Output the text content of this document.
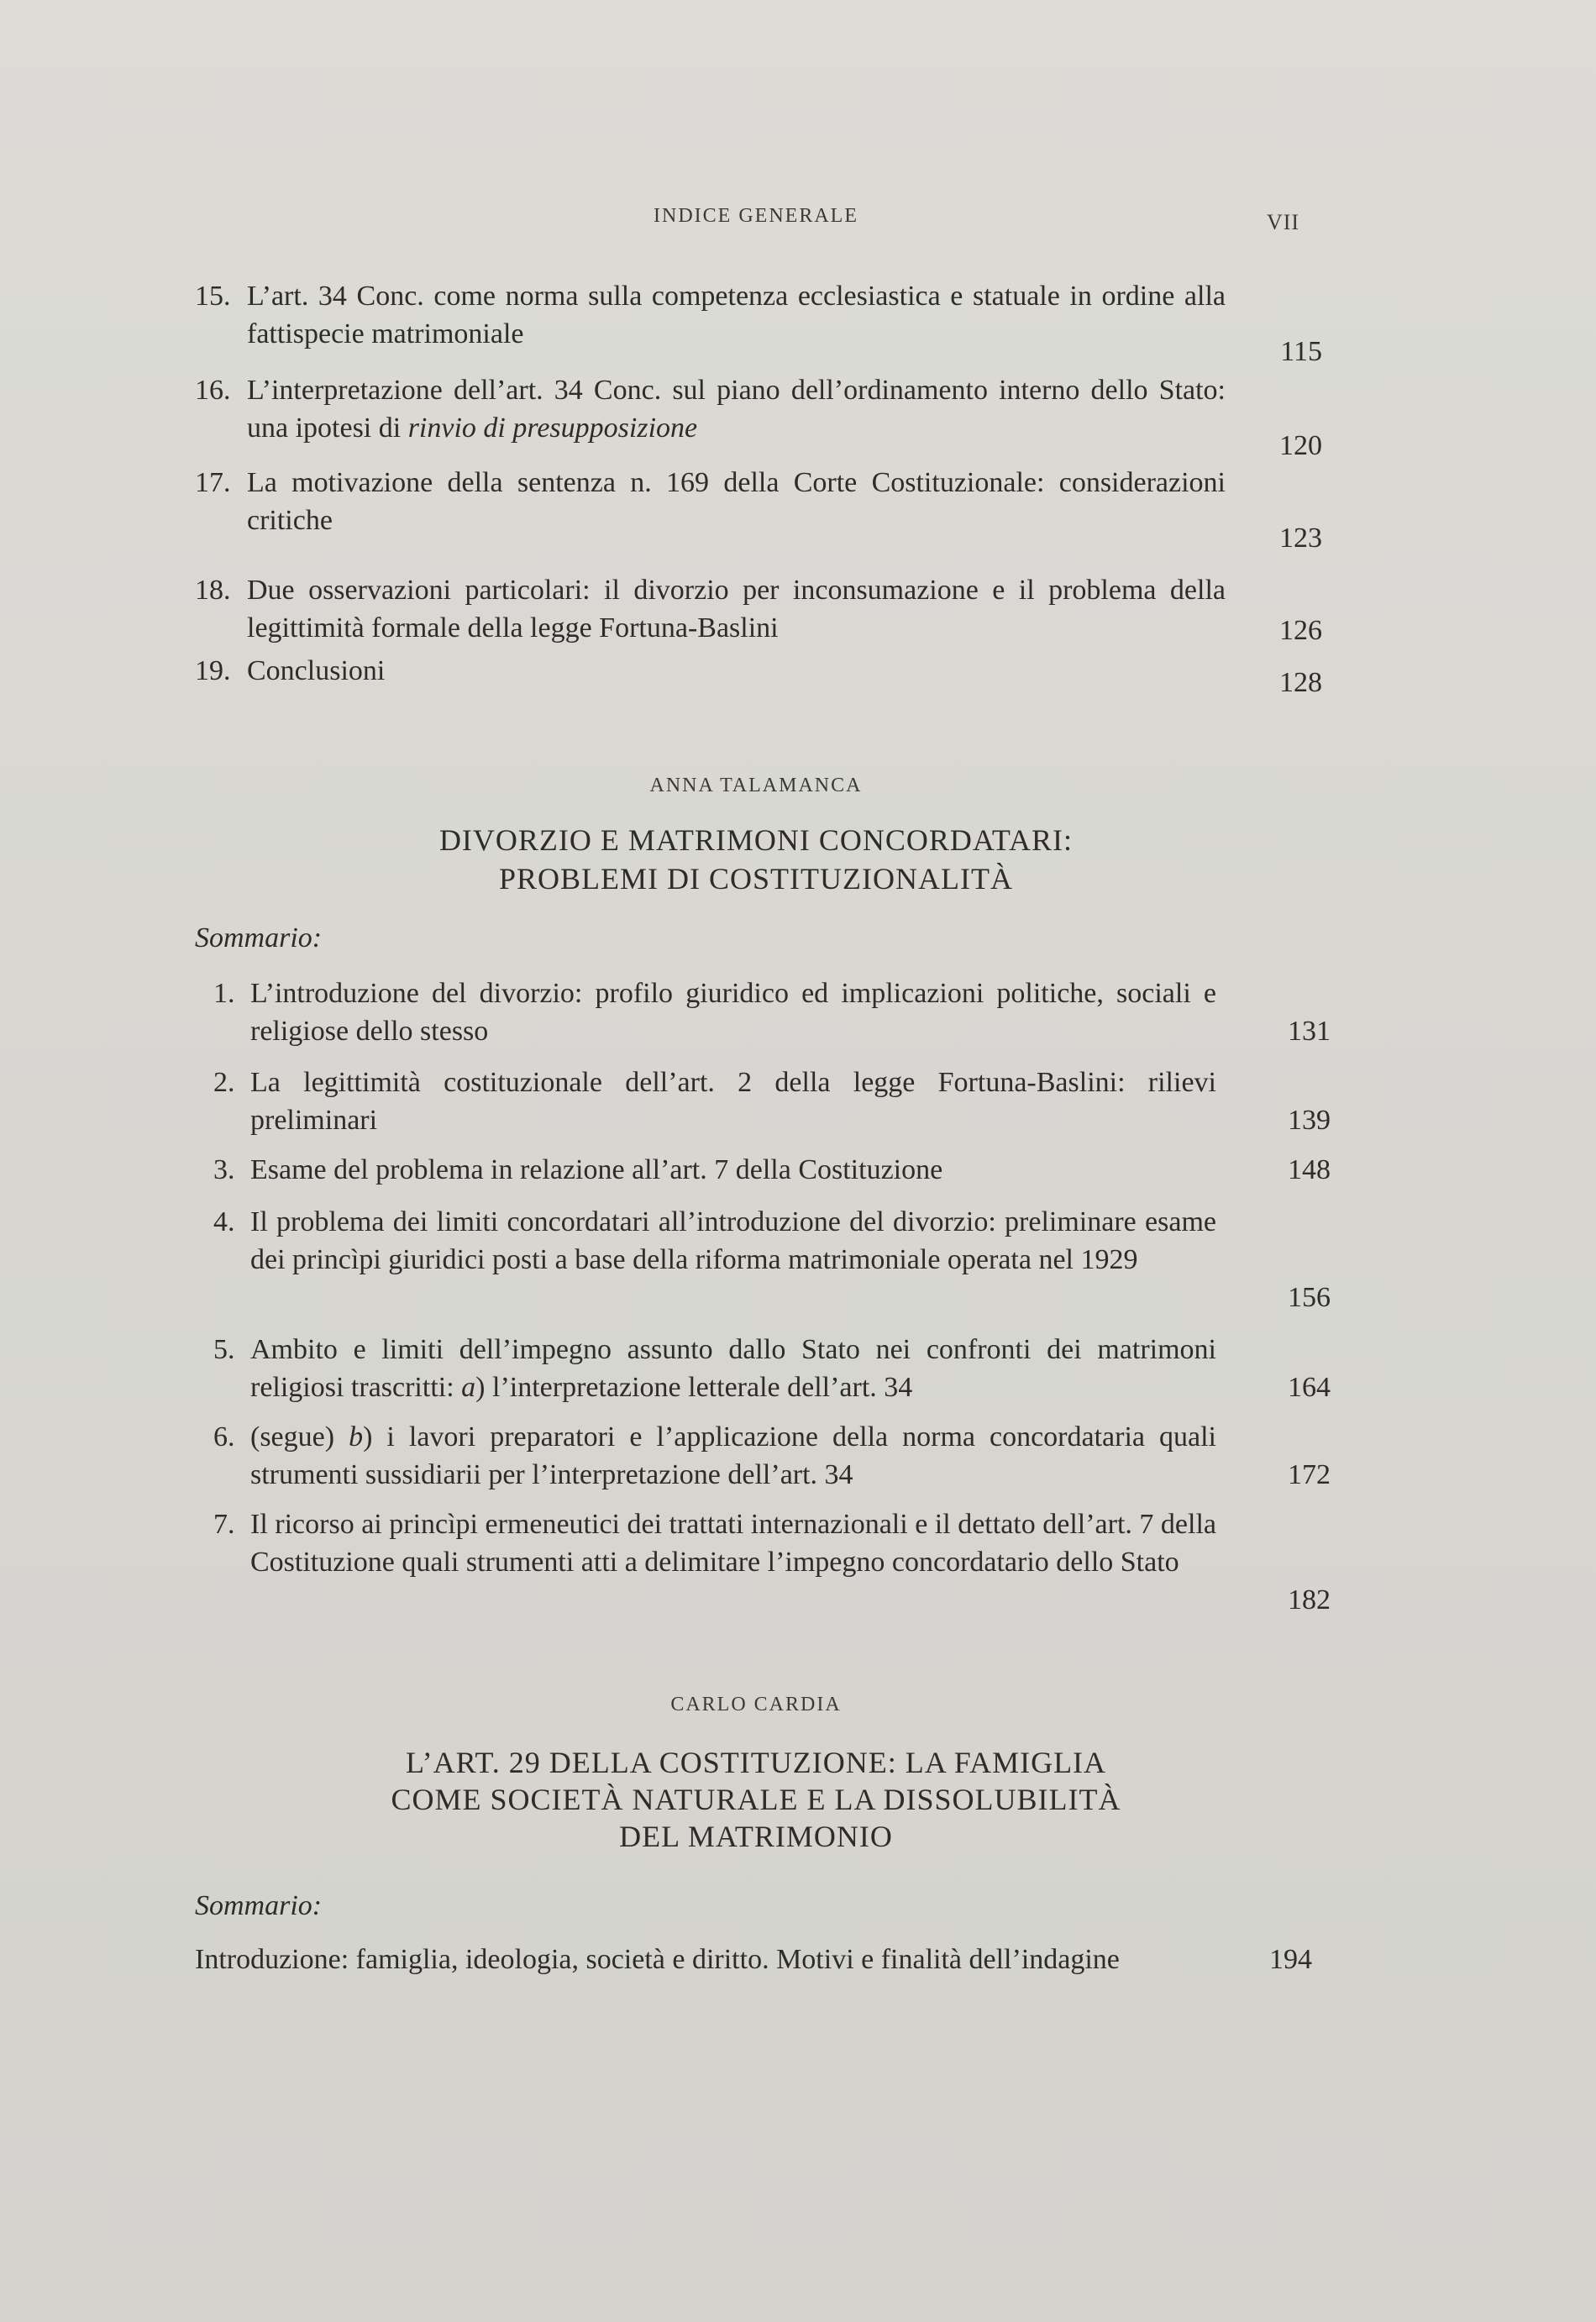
INDICE GENERALE	VII
15. L’art. 34 Conc. come norma sulla competenza ecclesiastica e statuale in ordine alla fattispecie matrimoniale
115
16. L’interpretazione dell’art. 34 Conc. sul piano dell’ordinamento interno dello Stato: una ipotesi di rinvio di presupposizione
120
17. La motivazione della sentenza n. 169 della Corte Costituzionale: considerazioni critiche
123
18. Due osservazioni particolari: il divorzio per inconsumazione e il problema della legittimità formale della legge Fortuna-Baslini	126
19. Conclusioni	128
ANNA TALAMANCA
DIVORZIO E MATRIMONI CONCORDATARI:
PROBLEMI DI COSTITUZIONALITÀ
Sommario:
1. L’introduzione del divorzio: profilo giuridico ed implicazioni politiche, sociali e religiose dello stesso	131
2. La legittimità costituzionale dell’art. 2 della legge Fortuna-Baslini: rilievi preliminari	139
3. Esame del problema in relazione all’art. 7 della Costituzione	148
4. Il problema dei limiti concordatari all’introduzione del divorzio: preliminare esame dei princìpi giuridici posti a base della riforma matrimoniale operata nel 1929
156
5. Ambito e limiti dell’impegno assunto dallo Stato nei confronti dei matrimoni religiosi trascritti: a) l’interpretazione letterale dell’art. 34	164
6. (segue) b) i lavori preparatori e l’applicazione della norma concordataria quali strumenti sussidiarii per l’interpretazione dell’art. 34	172
7. Il ricorso ai princìpi ermeneutici dei trattati internazionali e il dettato dell’art. 7 della Costituzione quali strumenti atti a delimitare l’impegno concordatario dello Stato
182
CARLO CARDIA
L’ART. 29 DELLA COSTITUZIONE: LA FAMIGLIA
COME SOCIETÀ NATURALE E LA DISSOLUBILITÀ
DEL MATRIMONIO
Sommario:
Introduzione: famiglia, ideologia, società e diritto. Motivi e finalità dell’indagine	194
